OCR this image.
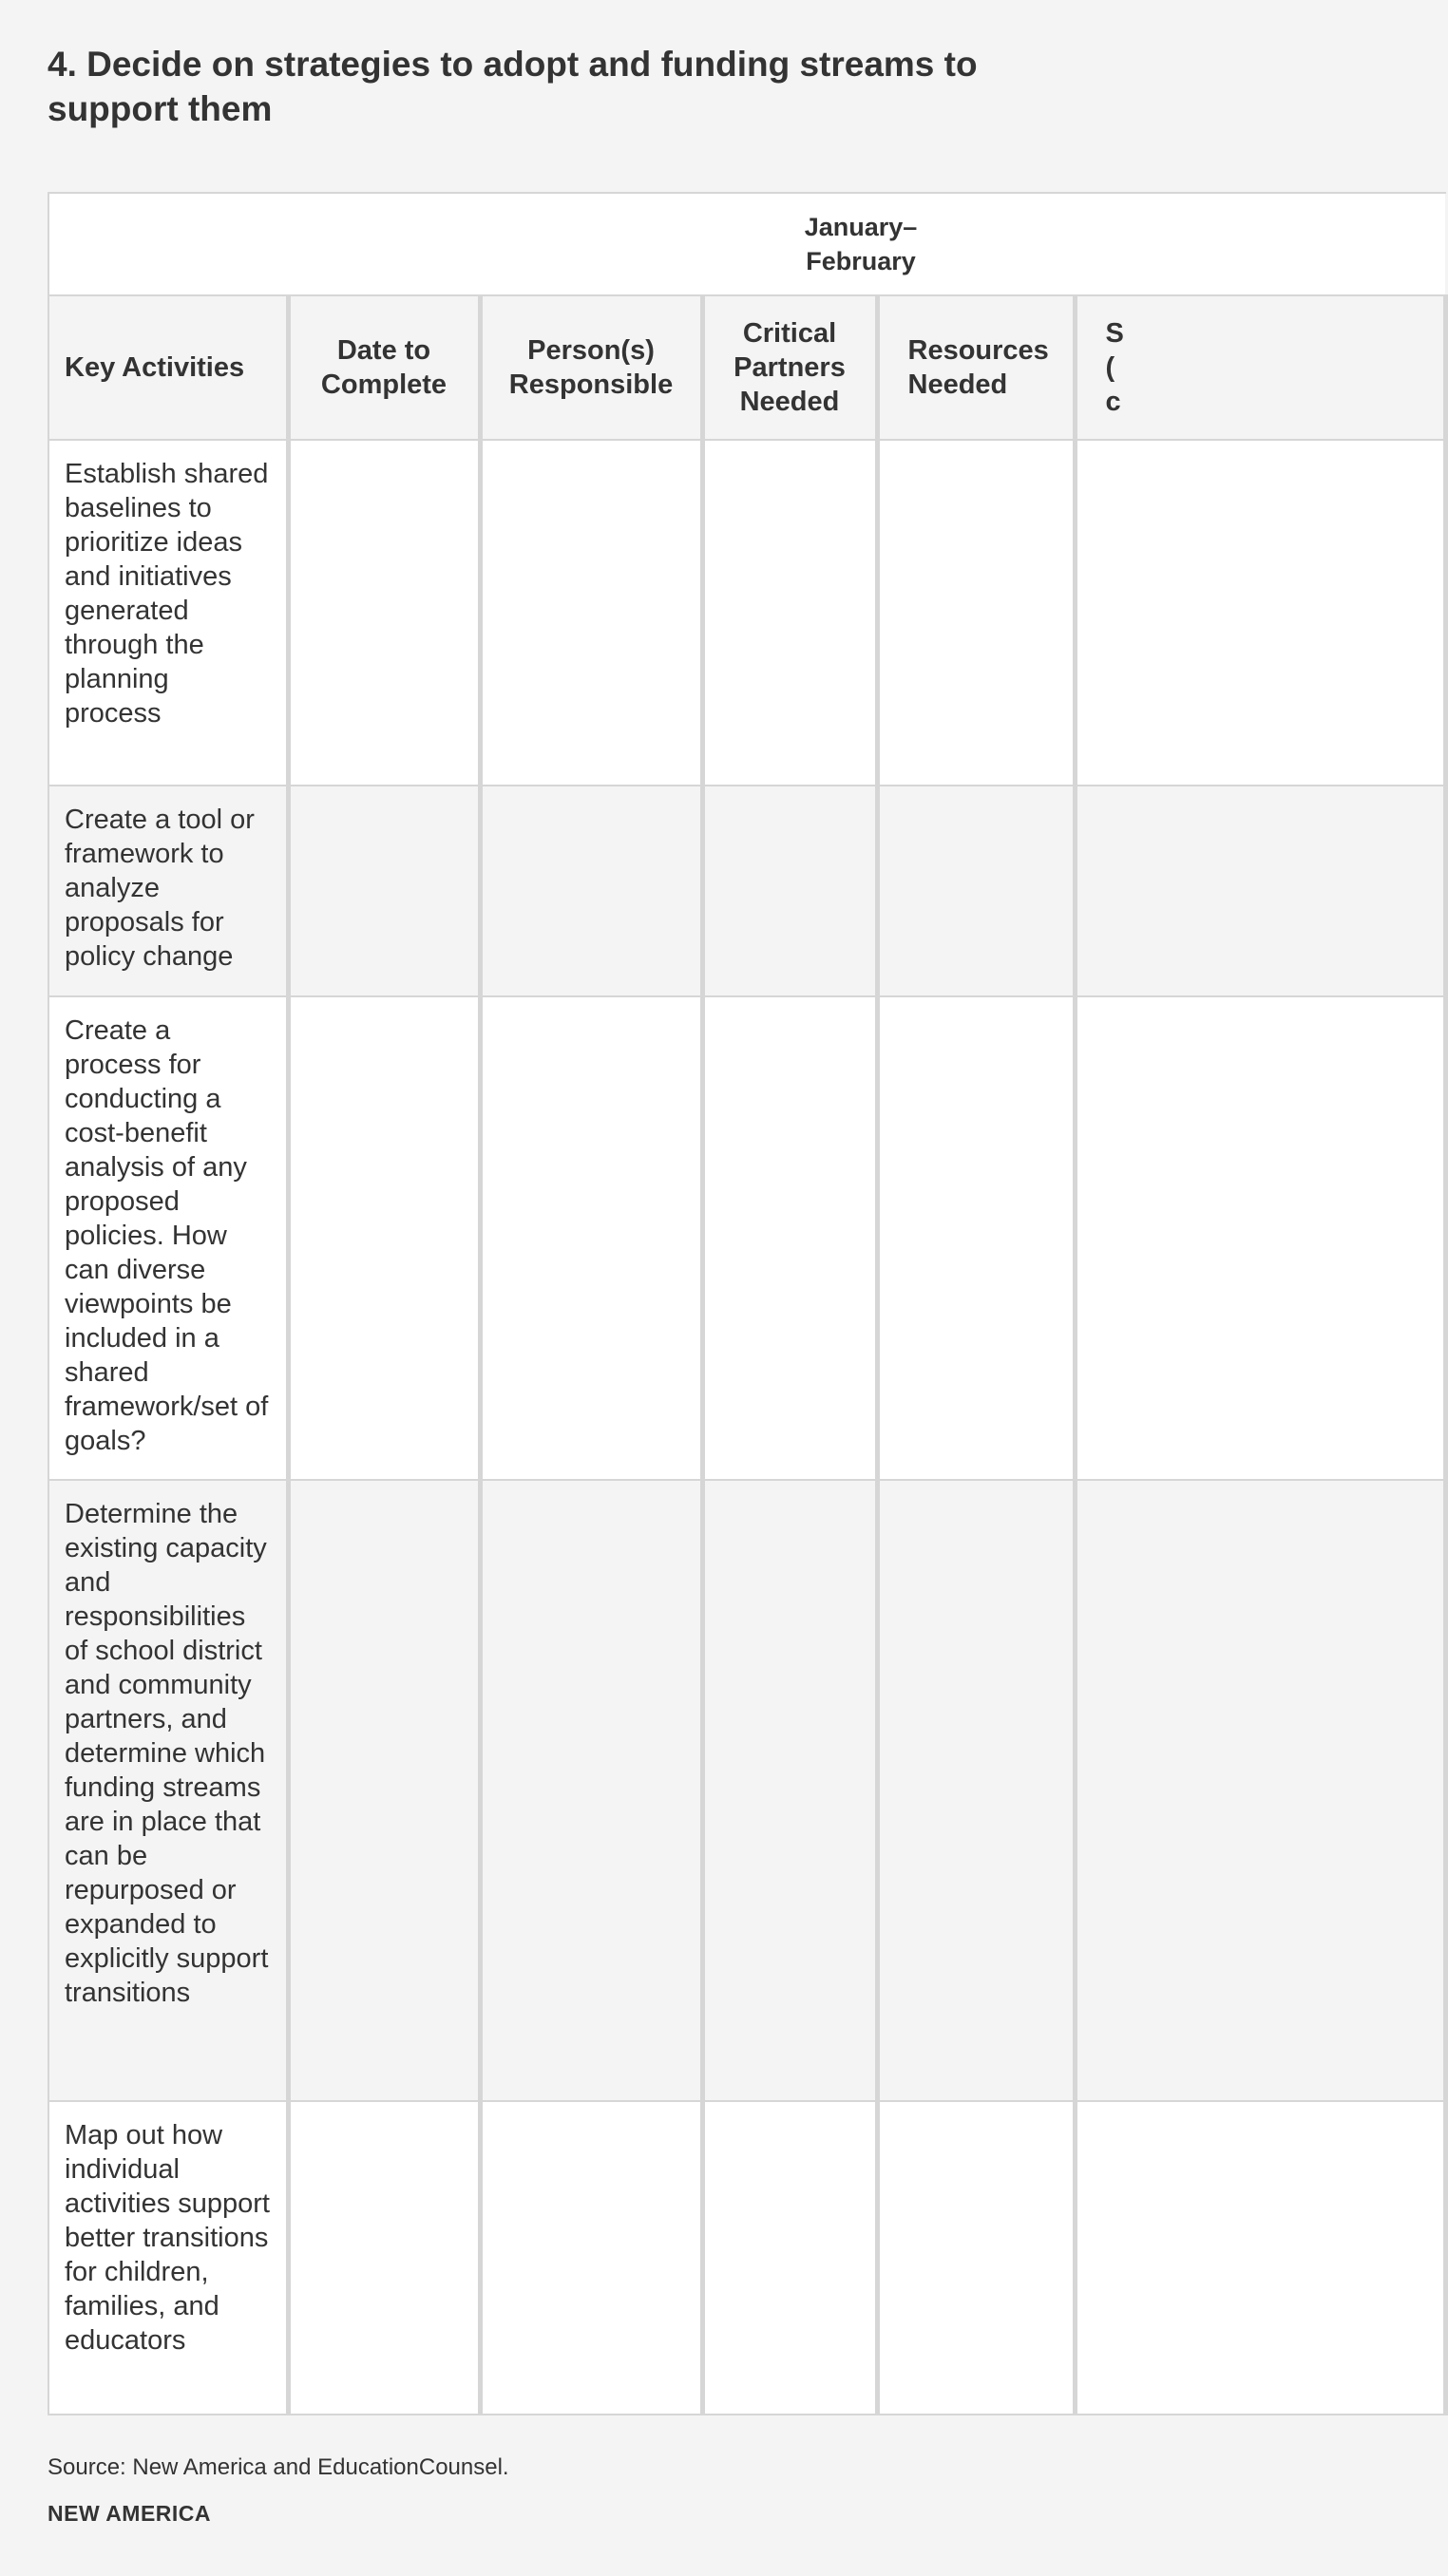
4. Decide on strategies to adopt and funding streams to support them
January– February					
Key Activities	Date to Complete	Person(s) Responsible	Critical Partners Needed	Resources Needed	S( c
Establish shared baselines to prioritize ideas and initiatives generated through the planning process					
Create a tool or framework to analyze proposals for policy change					
Create a process for conducting a cost-benefit analysis of any proposed policies. How can diverse viewpoints be included in a shared framework/set of goals?					
Determine the existing capacity and responsibilities of school district and community partners, and determine which funding streams are in place that can be repurposed or expanded to explicitly support transitions					
Map out how individual activities support better transitions for children, families, and educators					

Source: New America and EducationCounsel.

NEW AMERICA
